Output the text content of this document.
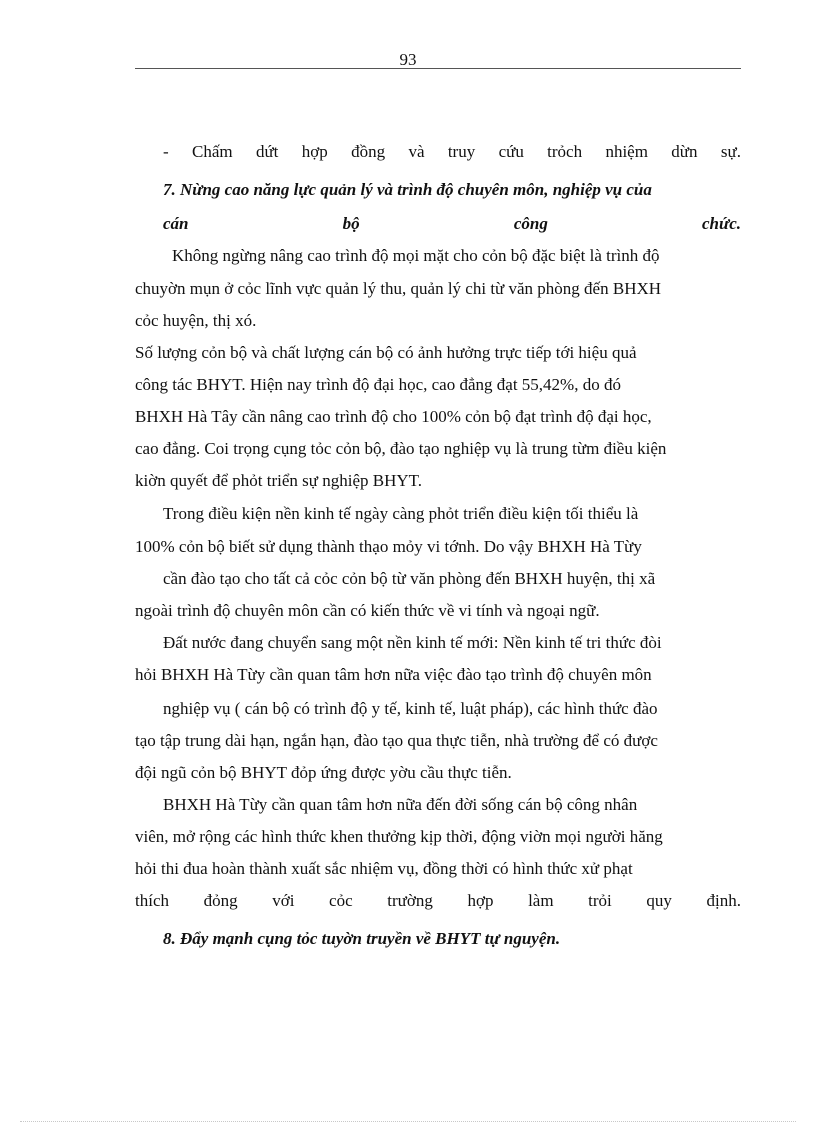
93
- Chấm dứt hợp đồng và truy cứu trỏch nhiệm dừn sự.
7. Nừng cao năng lực quản lý và trình độ chuyên môn, nghiệp vụ của
cán	bộ	công	chức.
Không ngừng nâng cao trình độ mọi mặt cho cỏn bộ đặc biệt là trình độ
chuyờn mụn ở cỏc lĩnh vực quản lý thu, quản lý chi từ văn phòng đến BHXH
cỏc huyện, thị xó.
Số lượng cỏn bộ và chất lượng cán bộ có ảnh hưởng trực tiếp tới hiệu quả
công tác BHYT. Hiện nay trình độ đại học, cao đẳng đạt 55,42%, do đó
BHXH Hà Tây cần nâng cao trình độ cho 100% cỏn bộ đạt trình độ đại học,
cao đẳng. Coi trọng cụng tỏc cỏn bộ, đào tạo nghiệp vụ là trung từm điều kiện
kiờn quyết để phỏt triển sự nghiệp BHYT.
Trong điều kiện nền kinh tế ngày càng phỏt triển điều kiện tối thiểu là
100% cỏn bộ biết sử dụng thành thạo mỏy vi tớnh. Do vậy BHXH Hà Từy
cần đào tạo cho tất cả cỏc cỏn bộ từ văn phòng đến BHXH huyện, thị xã
ngoài trình độ chuyên môn cần có kiến thức về vi tính và ngoại ngữ.
Đất nước đang chuyển sang một nền kinh tế mới: Nền kinh tế tri thức đòi
hỏi BHXH Hà Từy cần quan tâm hơn nữa việc đào tạo trình độ chuyên môn
nghiệp vụ ( cán bộ có trình độ y tế, kinh tế, luật pháp), các hình thức đào
tạo tập trung dài hạn, ngắn hạn, đào tạo qua thực tiễn, nhà trường để có được
đội ngũ cỏn bộ BHYT đỏp ứng được yờu cầu thực tiễn.
BHXH Hà Từy cần quan tâm hơn nữa đến đời sống cán bộ công nhân
viên, mở rộng các hình thức khen thưởng kịp thời, động viờn mọi người hăng
hỏi thi đua hoàn thành xuất sắc nhiệm vụ, đồng thời có hình thức xử phạt
thích đỏng với cỏc trường hợp làm trỏi quy định.
8. Đẩy mạnh cụng tỏc tuyờn truyền về BHYT tự nguyện.
